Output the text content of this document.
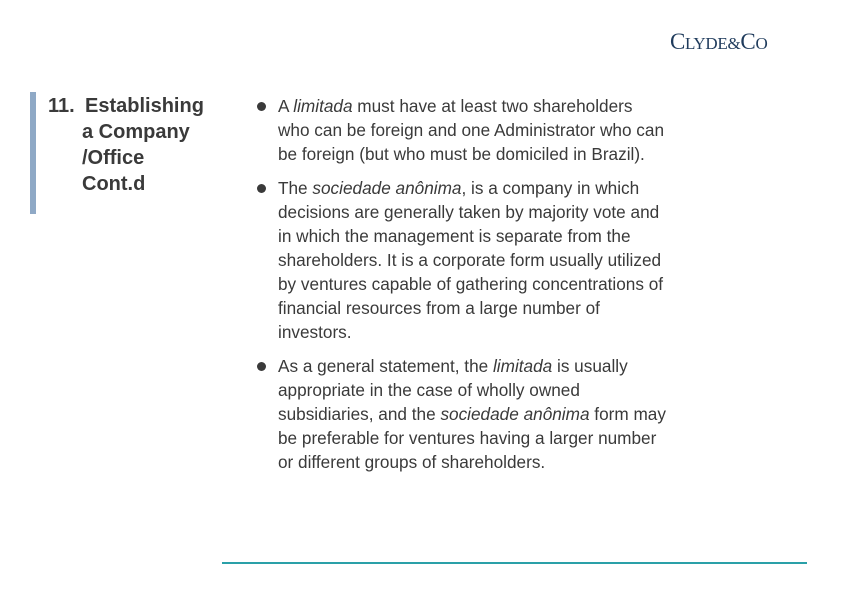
CLYDE&CO
11. Establishing
a Company
/Office
Cont.d
A limitada must have at least two shareholders who can be foreign and one Administrator who can be foreign (but who must be domiciled in Brazil).
The sociedade anônima, is a company in which decisions are generally taken by majority vote and in which the management is separate from the shareholders. It is a corporate form usually utilized by ventures capable of gathering concentrations of financial resources from a large number of investors.
As a general statement, the limitada is usually appropriate in the case of wholly owned subsidiaries, and the sociedade anônima form may be preferable for ventures having a larger number or different groups of shareholders.
